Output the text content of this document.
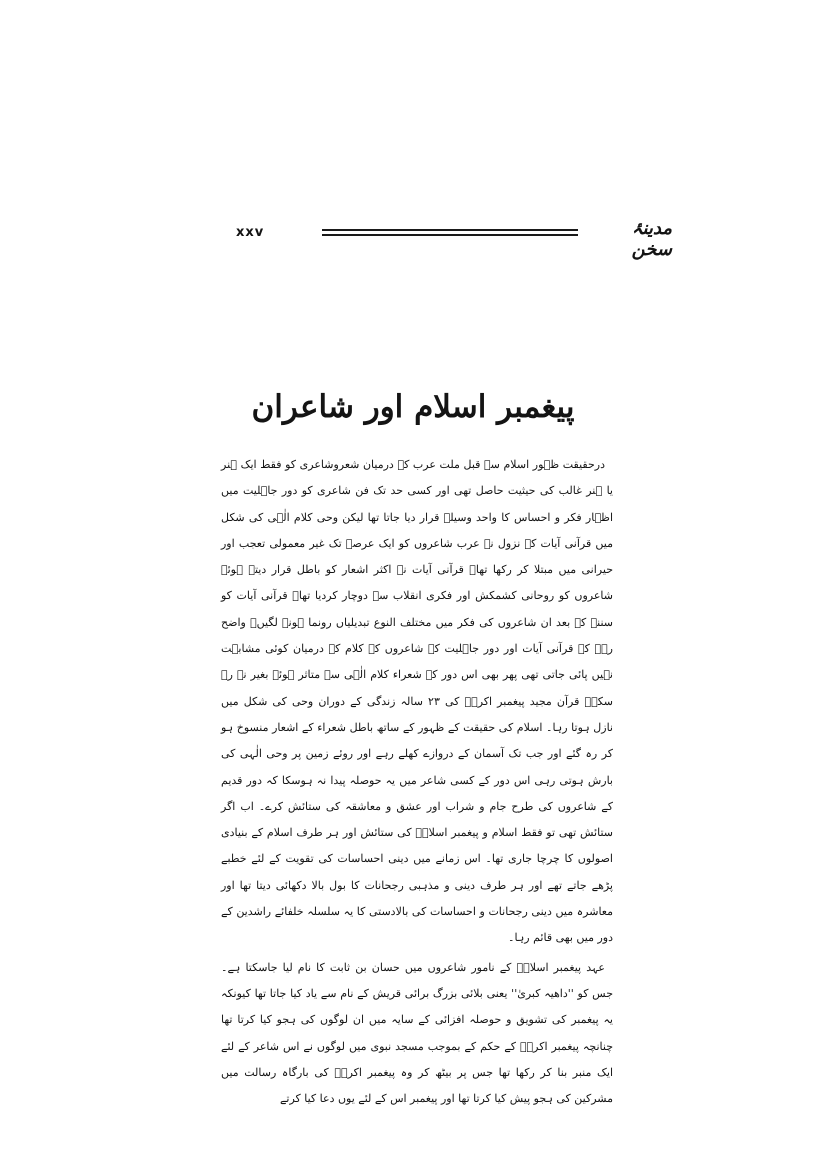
xxv	مدینۂ سخن
پیغمبر اسلام اور شاعران

درحقیقت ظہور اسلام سے قبل ملت عرب کے درمیان شعروشاعری کو فقط ایک ہنر یا ہنر غالب کی حیثیت حاصل تھی اور کسی حد تک فن شاعری کو دور جاہلیت میں اظہار فکر و احساس کا واحد وسیلہ قرار دیا جاتا تھا لیکن وحی کلام الٰہی کی شکل میں قرآنی آیات کے نزول نے عرب شاعروں کو ایک عرصہ تک غیر معمولی تعجب اور حیرانی میں مبتلا کر رکھا تھا۔ قرآنی آیات نے اکثر اشعار کو باطل قرار دیتے ہوئے شاعروں کو روحانی کشمکش اور فکری انقلاب سے دوچار کردیا تھا۔ قرآنی آیات کو سننے کے بعد ان شاعروں کی فکر میں مختلف النوع تبدیلیاں رونما ہونے لگیں۔ واضح رہے کہ قرآنی آیات اور دور جاہلیت کے شاعروں کے کلام کے درمیان کوئی مشابہت نہیں پائی جاتی تھی پھر بھی اس دور کے شعراء کلام الٰہی سے متاثر ہوئے بغیر نہ رہ سکے۔ قرآن مجید پیغمبر اکرمؐ کی ۲۳ سالہ زندگی کے دوران وحی کی شکل میں نازل ہوتا رہا۔ اسلام کی حقیقت کے ظہور کے ساتھ باطل شعراء کے اشعار منسوخ ہو کر رہ گئے اور جب تک آسمان کے دروازے کھلے رہے اور روئے زمین پر وحی الٰہی کی بارش ہوتی رہی اس دور کے کسی شاعر میں یہ حوصلہ پیدا نہ ہوسکا کہ دور قدیم کے شاعروں کی طرح جام و شراب اور عشق و معاشقہ کی ستائش کرے۔ اب اگر ستائش تھی تو فقط اسلام و پیغمبر اسلامؐ کی ستائش اور ہر طرف اسلام کے بنیادی اصولوں کا چرچا جاری تھا۔ اس زمانے میں دینی احساسات کی تقویت کے لئے خطبے پڑھے جاتے تھے اور ہر طرف دینی و مذہبی رجحانات کا بول بالا دکھائی دیتا تھا اور معاشرہ میں دینی رجحانات و احساسات کی بالادستی کا یہ سلسلہ خلفائے راشدین کے دور میں بھی قائم رہا۔

عہد پیغمبر اسلامؐ کے نامور شاعروں میں حسان بن ثابت کا نام لیا جاسکتا ہے۔ جس کو ''داھیہ کبریٰ'' یعنی بلائی بزرگ برائی قریش کے نام سے یاد کیا جاتا تھا کیونکہ یہ پیغمبر کی تشویق و حوصلہ افزائی کے سایہ میں ان لوگوں کی ہجو کیا کرتا تھا چنانچہ پیغمبر اکرمؐ کے حکم کے بموجب مسجد نبوی میں لوگوں نے اس شاعر کے لئے ایک منبر بنا کر رکھا تھا جس پر بیٹھ کر وہ پیغمبر اکرمؐ کی بارگاہ رسالت میں مشرکین کی ہجو پیش کیا کرتا تھا اور پیغمبر اس کے لئے یوں دعا کیا کرتے
